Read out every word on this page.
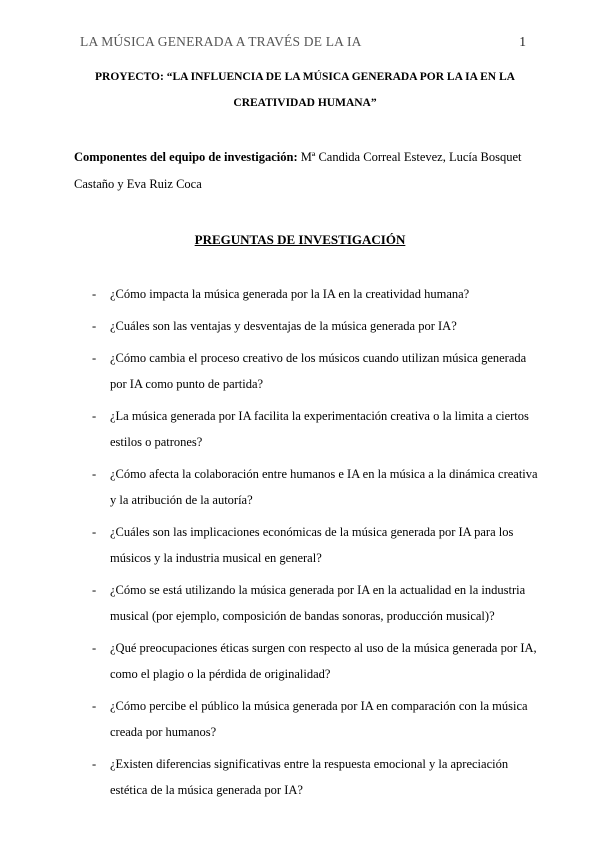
LA MÚSICA GENERADA A TRAVÉS DE LA IA	1
PROYECTO: “LA INFLUENCIA DE LA MÚSICA GENERADA POR LA IA EN LA
CREATIVIDAD HUMANA”
Componentes del equipo de investigación: Mª Candida Correal Estevez, Lucía Bosquet
Castaño y Eva Ruiz Coca
PREGUNTAS DE INVESTIGACIÓN
- ¿Cómo impacta la música generada por la IA en la creatividad humana?
- ¿Cuáles son las ventajas y desventajas de la música generada por IA?
- ¿Cómo cambia el proceso creativo de los músicos cuando utilizan música generada
por IA como punto de partida?
- ¿La música generada por IA facilita la experimentación creativa o la limita a ciertos
estilos o patrones?
- ¿Cómo afecta la colaboración entre humanos e IA en la música a la dinámica creativa
y la atribución de la autoría?
- ¿Cuáles son las implicaciones económicas de la música generada por IA para los
músicos y la industria musical en general?
- ¿Cómo se está utilizando la música generada por IA en la actualidad en la industria
musical (por ejemplo, composición de bandas sonoras, producción musical)?
- ¿Qué preocupaciones éticas surgen con respecto al uso de la música generada por IA,
como el plagio o la pérdida de originalidad?
- ¿Cómo percibe el público la música generada por IA en comparación con la música
creada por humanos?
- ¿Existen diferencias significativas entre la respuesta emocional y la apreciación
estética de la música generada por IA?
